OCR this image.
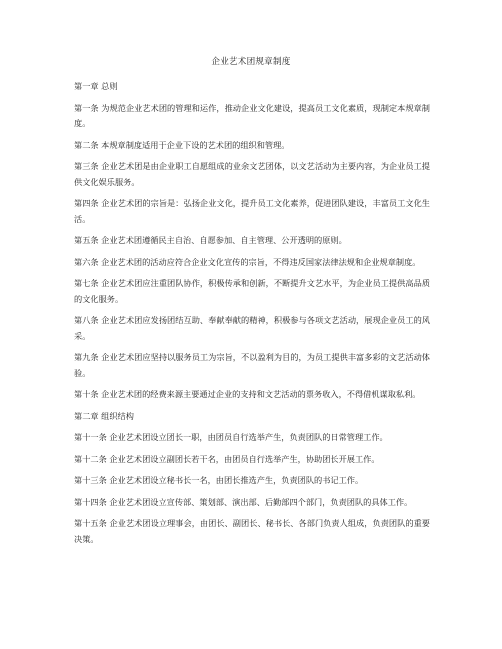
企业艺术团规章制度

第一章 总则

第一条 为规范企业艺术团的管理和运作，推动企业文化建设，提高员工文化素质，现制定本规章制度。

第二条 本规章制度适用于企业下设的艺术团的组织和管理。

第三条 企业艺术团是由企业职工自愿组成的业余文艺团体，以文艺活动为主要内容，为企业员工提供文化娱乐服务。

第四条 企业艺术团的宗旨是：弘扬企业文化，提升员工文化素养，促进团队建设，丰富员工文化生活。

第五条 企业艺术团遵循民主自治、自愿参加、自主管理、公开透明的原则。

第六条 企业艺术团的活动应符合企业文化宣传的宗旨，不得违反国家法律法规和企业规章制度。

第七条 企业艺术团应注重团队协作，积极传承和创新，不断提升文艺水平，为企业员工提供高品质的文化服务。

第八条 企业艺术团应发扬团结互助、奉献奉献的精神，积极参与各项文艺活动，展现企业员工的风采。

第九条 企业艺术团应坚持以服务员工为宗旨，不以盈利为目的，为员工提供丰富多彩的文艺活动体验。

第十条 企业艺术团的经费来源主要通过企业的支持和文艺活动的票务收入，不得借机谋取私利。

第二章 组织结构

第十一条 企业艺术团设立团长一职，由团员自行选举产生，负责团队的日常管理工作。

第十二条 企业艺术团设立副团长若干名，由团员自行选举产生，协助团长开展工作。

第十三条 企业艺术团设立秘书长一名，由团长推选产生，负责团队的书记工作。

第十四条 企业艺术团设立宣传部、策划部、演出部、后勤部四个部门，负责团队的具体工作。

第十五条 企业艺术团设立理事会，由团长、副团长、秘书长、各部门负责人组成，负责团队的重要决策。
